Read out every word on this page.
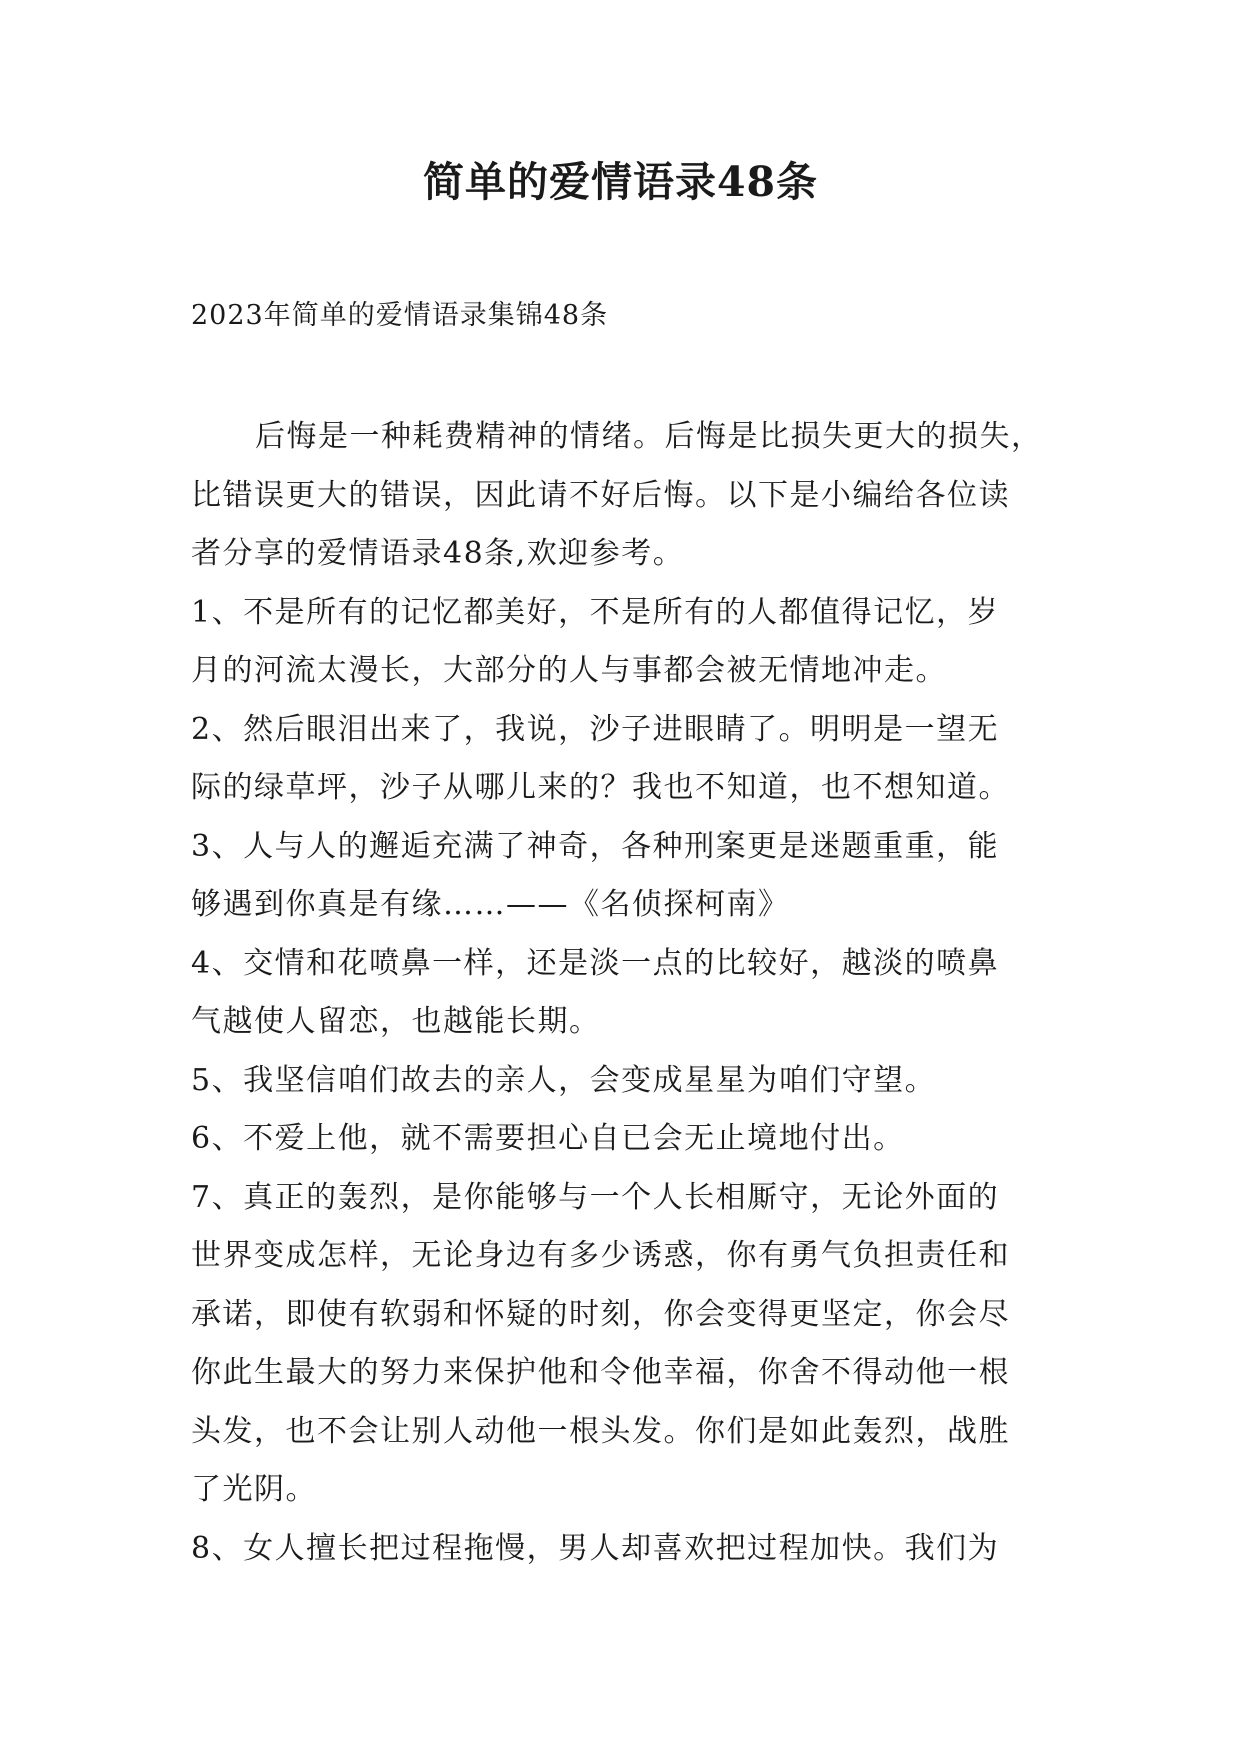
简单的爱情语录48条

2023年简单的爱情语录集锦48条

后悔是一种耗费精神的情绪。后悔是比损失更大的损失，
比错误更大的错误，因此请不好后悔。以下是小编给各位读
者分享的爱情语录48条,欢迎参考。
1、不是所有的记忆都美好，不是所有的人都值得记忆，岁
月的河流太漫长，大部分的人与事都会被无情地冲走。
2、然后眼泪出来了，我说，沙子进眼睛了。明明是一望无
际的绿草坪，沙子从哪儿来的？我也不知道，也不想知道。
3、人与人的邂逅充满了神奇，各种刑案更是迷题重重，能
够遇到你真是有缘……——《名侦探柯南》
4、交情和花喷鼻一样，还是淡一点的比较好，越淡的喷鼻
气越使人留恋，也越能长期。
5、我坚信咱们故去的亲人，会变成星星为咱们守望。
6、不爱上他，就不需要担心自已会无止境地付出。
7、真正的轰烈，是你能够与一个人长相厮守，无论外面的
世界变成怎样，无论身边有多少诱惑，你有勇气负担责任和
承诺，即使有软弱和怀疑的时刻，你会变得更坚定，你会尽
你此生最大的努力来保护他和令他幸福，你舍不得动他一根
头发，也不会让别人动他一根头发。你们是如此轰烈，战胜
了光阴。
8、女人擅长把过程拖慢，男人却喜欢把过程加快。我们为
